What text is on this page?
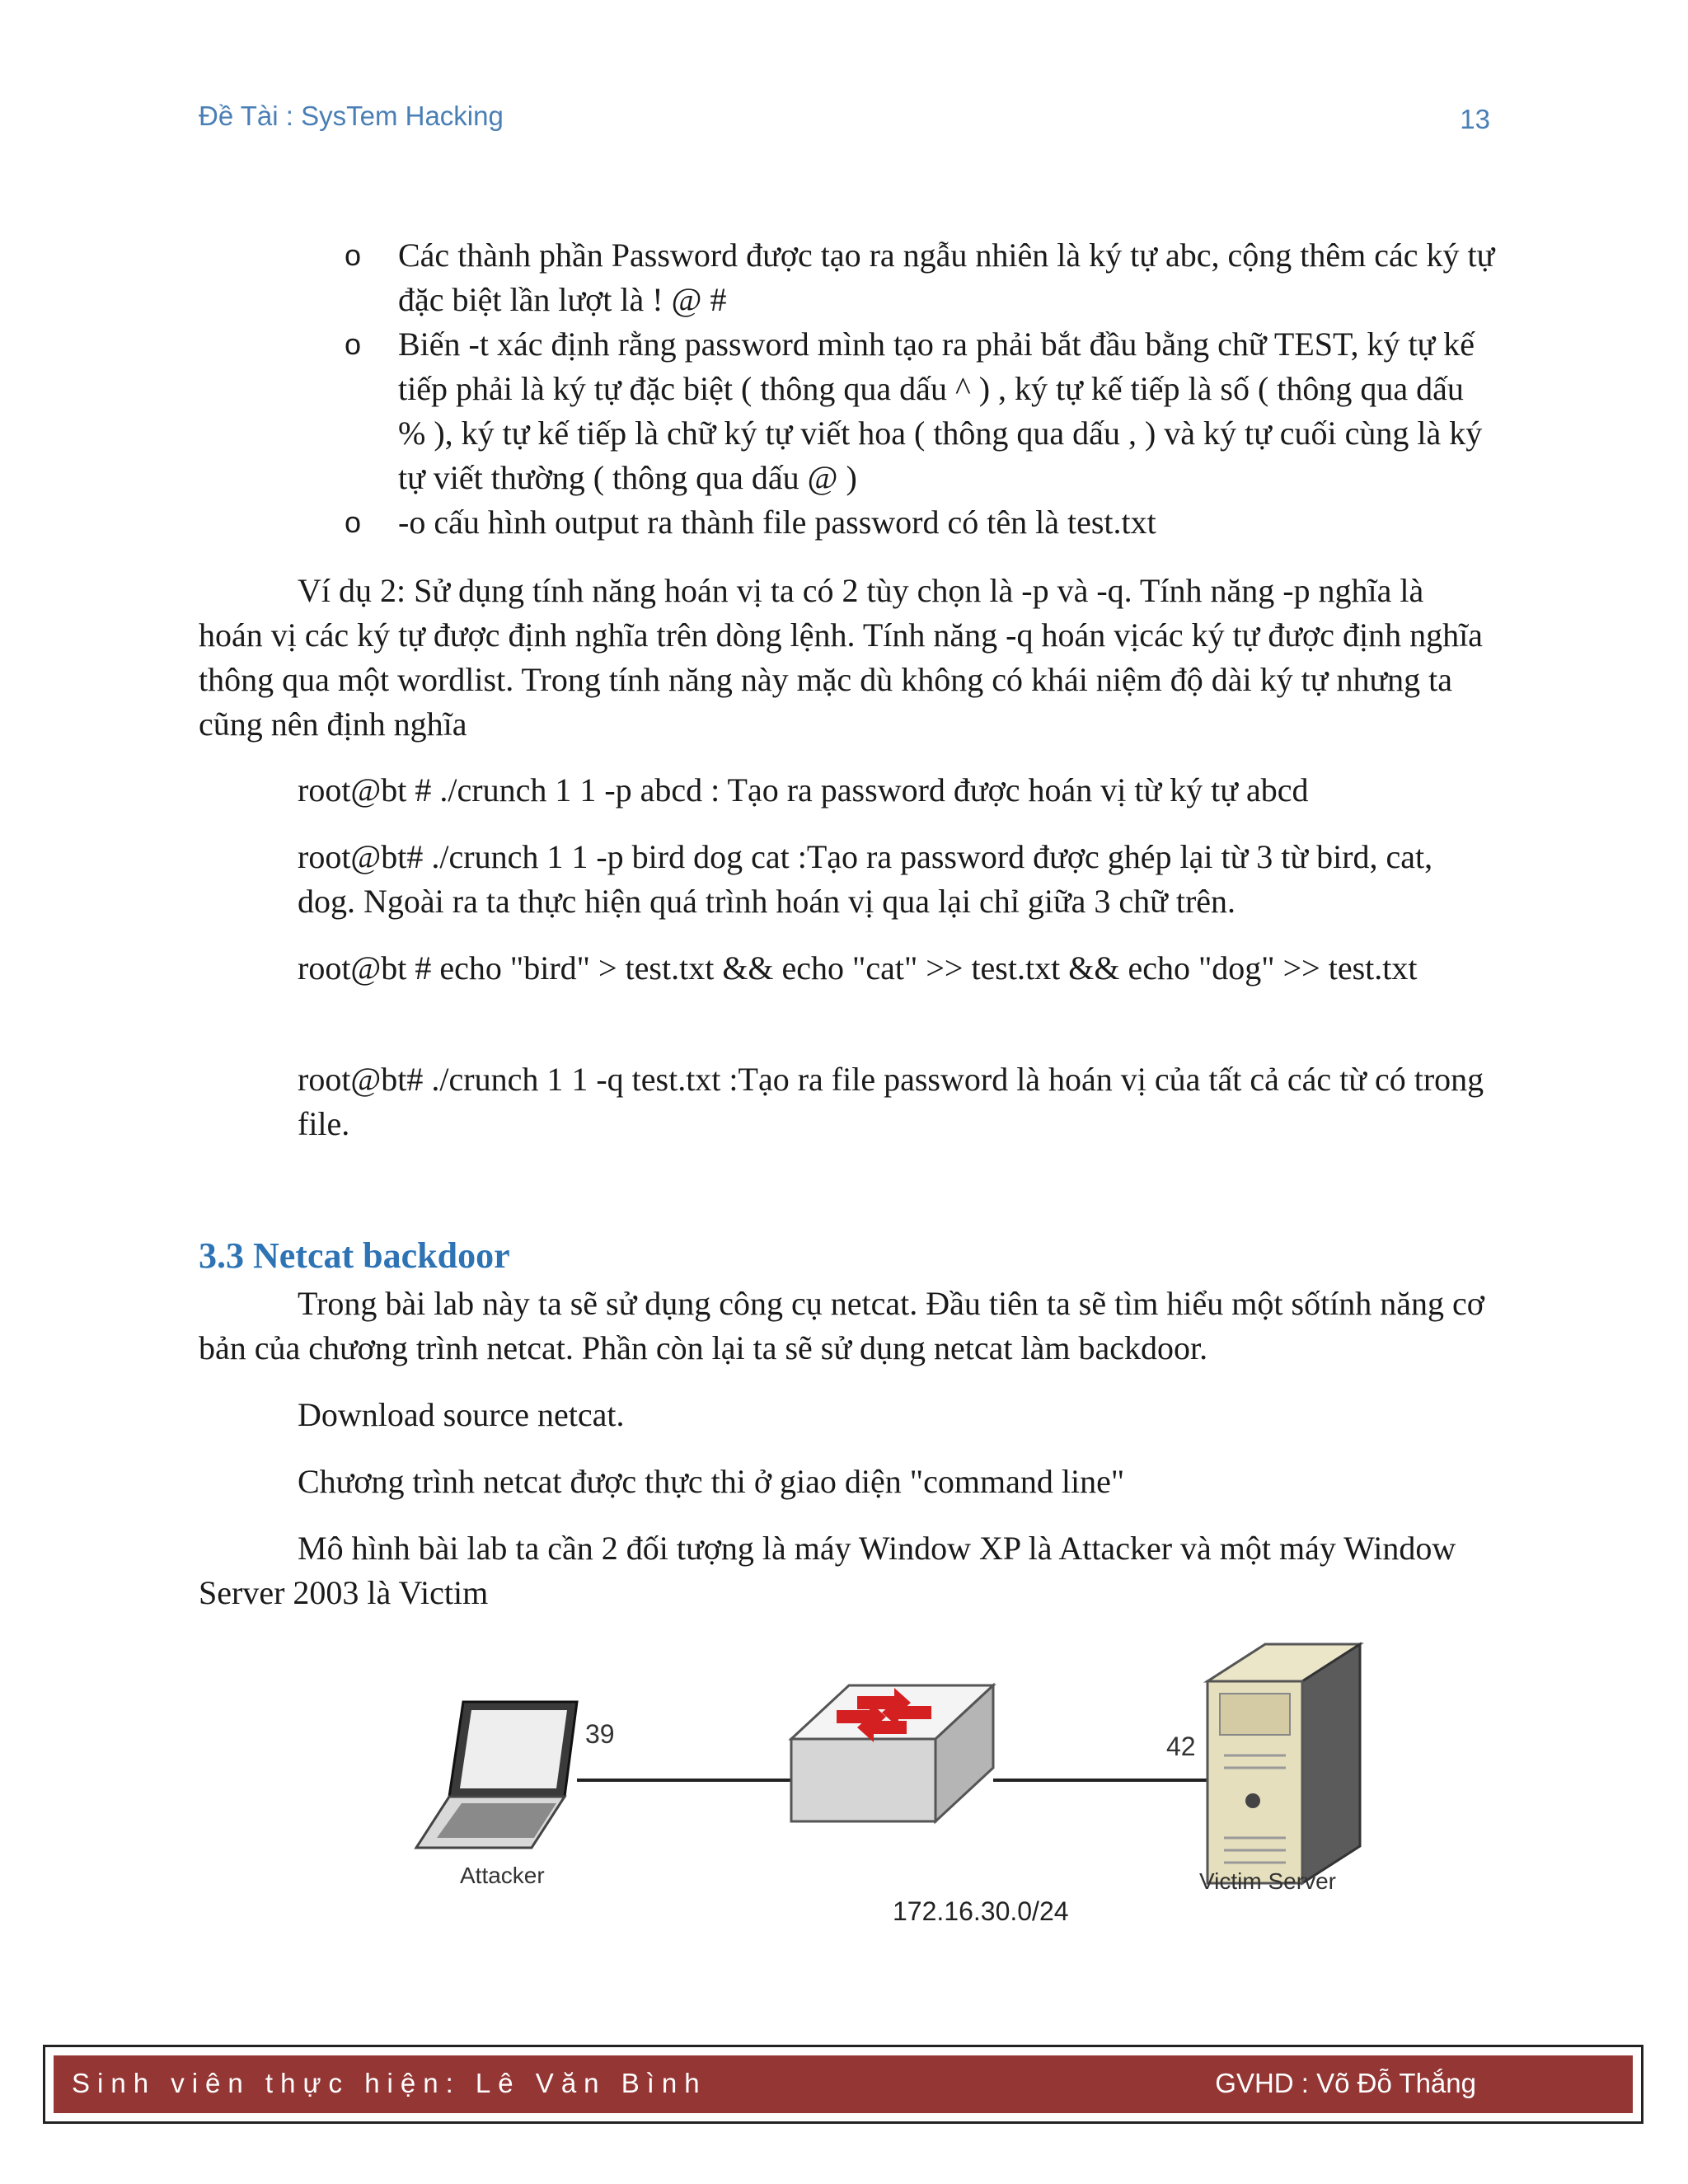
Đề Tài : SysTem Hacking	13
o Các thành phần Password được tạo ra ngẫu nhiên là ký tự abc, cộng thêm các ký tự đặc biệt lần lượt là ! @ #
o Biến -t xác định rằng password mình tạo ra phải bắt đầu bằng chữ TEST, ký tự kế tiếp phải là ký tự đặc biệt ( thông qua dấu ^ ) , ký tự kế tiếp là số ( thông qua dấu % ), ký tự kế tiếp là chữ ký tự viết hoa ( thông qua dấu , ) và ký tự cuối cùng là ký tự viết thường ( thông qua dấu @ )
o -o cấu hình output ra thành file password có tên là test.txt

Ví dụ 2: Sử dụng tính năng hoán vị ta có 2 tùy chọn là -p và -q. Tính năng -p nghĩa là hoán vị các ký tự được định nghĩa trên dòng lệnh. Tính năng -q hoán vịcác ký tự được định nghĩa thông qua một wordlist. Trong tính năng này mặc dù không có khái niệm độ dài ký tự nhưng ta cũng nên định nghĩa

root@bt # ./crunch 1 1 -p abcd : Tạo ra password được hoán vị từ ký tự abcd

root@bt# ./crunch 1 1 -p bird dog cat :Tạo ra password được ghép lại từ 3 từ bird, cat, dog. Ngoài ra ta thực hiện quá trình hoán vị qua lại chỉ giữa 3 chữ trên.

root@bt # echo "bird" > test.txt && echo "cat" >> test.txt && echo "dog" >> test.txt

root@bt# ./crunch 1 1 -q test.txt :Tạo ra file password là hoán vị của tất cả các từ có trong file.

3.3 Netcat backdoor

Trong bài lab này ta sẽ sử dụng công cụ netcat. Đầu tiên ta sẽ tìm hiểu một sốtính năng cơ bản của chương trình netcat. Phần còn lại ta sẽ sử dụng netcat làm backdoor.

Download source netcat.

Chương trình netcat được thực thi ở giao diện "command line"

Mô hình bài lab ta cần 2 đối tượng là máy Window XP là Attacker và một máy Window Server 2003 là Victim

39	42
Attacker	Victim Server
172.16.30.0/24
Sinh viên thực hiện: Lê Văn Bình	GVHD : Võ Đỗ Thắng
